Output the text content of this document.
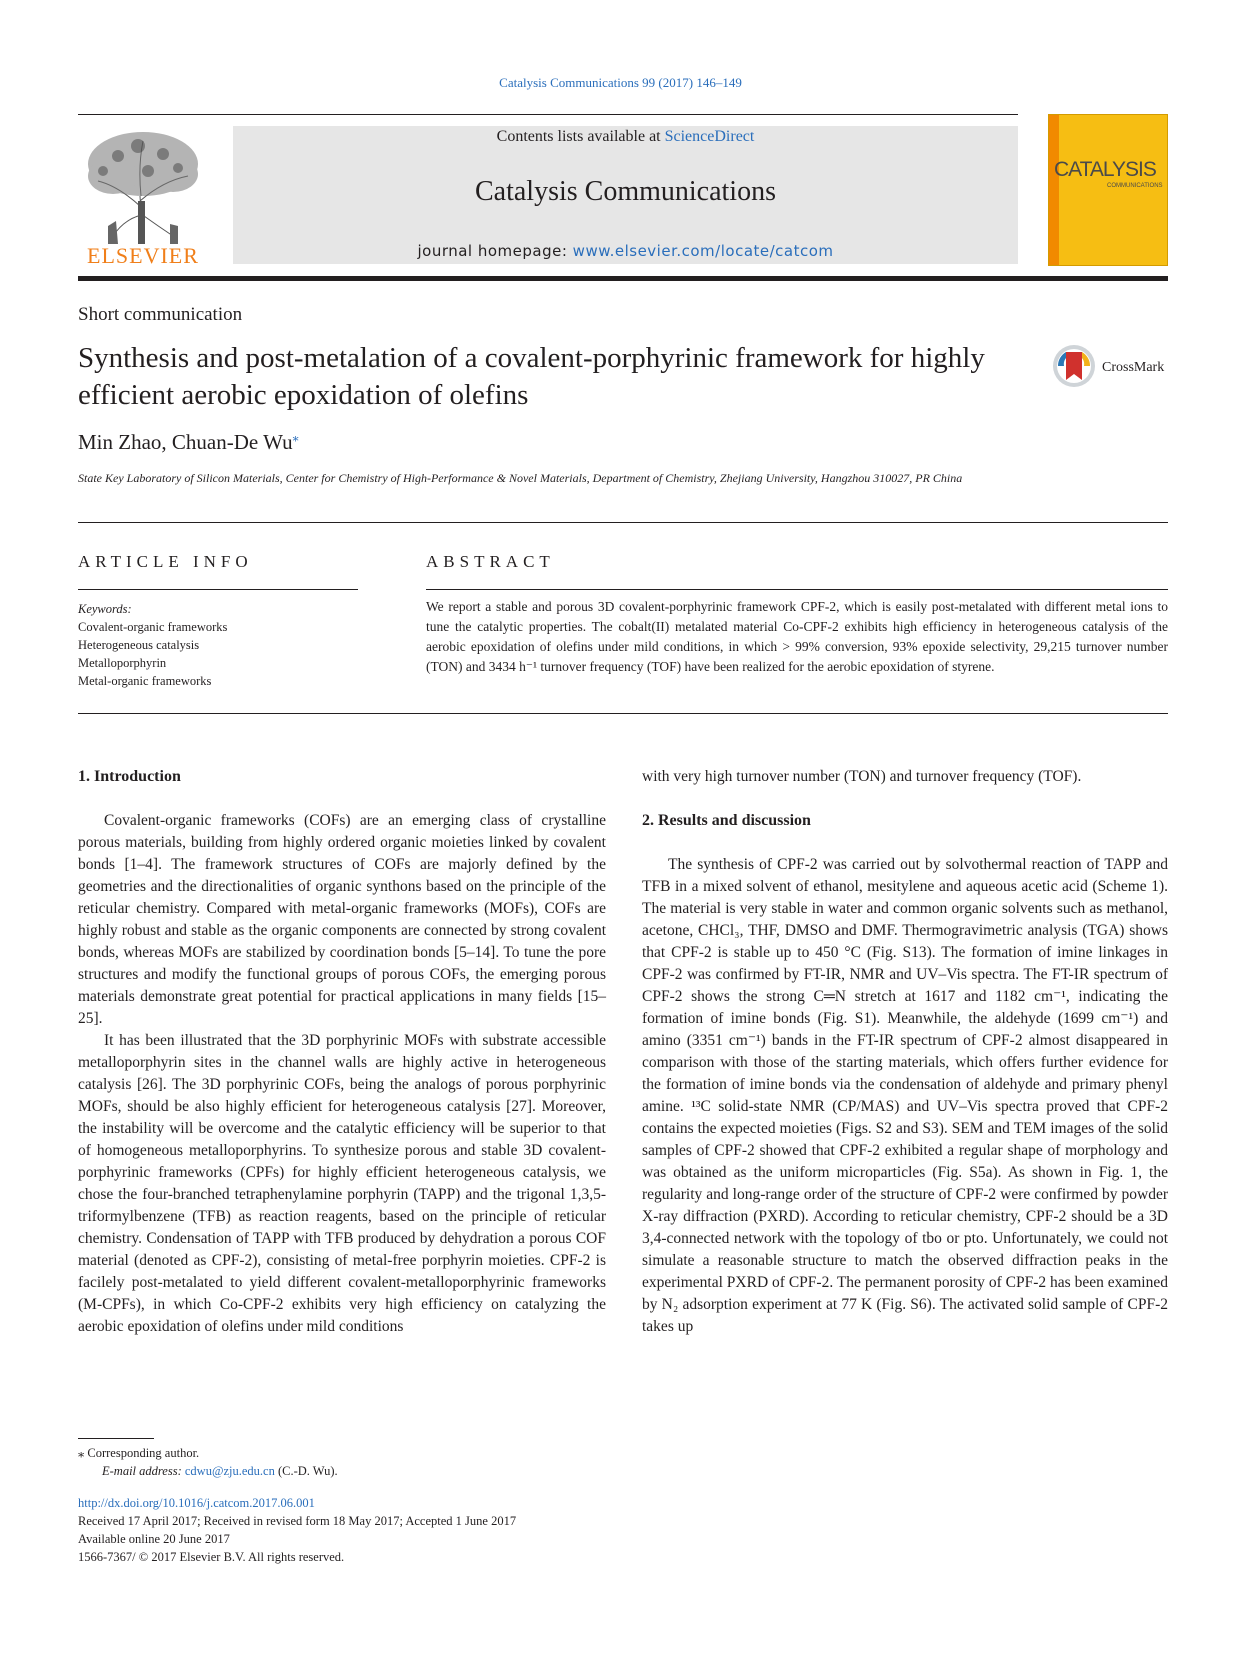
Catalysis Communications 99 (2017) 146–149
ELSEVIER
Contents lists available at ScienceDirect
Catalysis Communications
journal homepage: www.elsevier.com/locate/catcom
CATALYSIS
COMMUNICATIONS
Short communication
Synthesis and post-metalation of a covalent-porphyrinic framework for highly efficient aerobic epoxidation of olefins
CrossMark
Min Zhao, Chuan-De Wu⁎
State Key Laboratory of Silicon Materials, Center for Chemistry of High-Performance & Novel Materials, Department of Chemistry, Zhejiang University, Hangzhou 310027, PR China
ARTICLE INFO	ABSTRACT
Keywords:
Covalent-organic frameworks
Heterogeneous catalysis
Metalloporphyrin
Metal-organic frameworks
We report a stable and porous 3D covalent-porphyrinic framework CPF-2, which is easily post-metalated with different metal ions to tune the catalytic properties. The cobalt(II) metalated material Co-CPF-2 exhibits high efficiency in heterogeneous catalysis of the aerobic epoxidation of olefins under mild conditions, in which > 99% conversion, 93% epoxide selectivity, 29,215 turnover number (TON) and 3434 h⁻¹ turnover frequency (TOF) have been realized for the aerobic epoxidation of styrene.
1. Introduction

Covalent-organic frameworks (COFs) are an emerging class of crystalline porous materials, building from highly ordered organic moieties linked by covalent bonds [1–4]. The framework structures of COFs are majorly defined by the geometries and the directionalities of organic synthons based on the principle of the reticular chemistry. Compared with metal-organic frameworks (MOFs), COFs are highly robust and stable as the organic components are connected by strong covalent bonds, whereas MOFs are stabilized by coordination bonds [5–14]. To tune the pore structures and modify the functional groups of porous COFs, the emerging porous materials demonstrate great potential for practical applications in many fields [15–25].

It has been illustrated that the 3D porphyrinic MOFs with substrate accessible metalloporphyrin sites in the channel walls are highly active in heterogeneous catalysis [26]. The 3D porphyrinic COFs, being the analogs of porous porphyrinic MOFs, should be also highly efficient for heterogeneous catalysis [27]. Moreover, the instability will be overcome and the catalytic efficiency will be superior to that of homogeneous metalloporphyrins. To synthesize porous and stable 3D covalent-porphyrinic frameworks (CPFs) for highly efficient heterogeneous catalysis, we chose the four-branched tetraphenylamine porphyrin (TAPP) and the trigonal 1,3,5-triformylbenzene (TFB) as reaction reagents, based on the principle of reticular chemistry. Condensation of TAPP with TFB produced by dehydration a porous COF material (denoted as CPF-2), consisting of metal-free porphyrin moieties. CPF-2 is facilely post-metalated to yield different covalent-metalloporphyrinic frameworks (M-CPFs), in which Co-CPF-2 exhibits very high efficiency on catalyzing the aerobic epoxidation of olefins under mild conditions

with very high turnover number (TON) and turnover frequency (TOF).
2. Results and discussion

The synthesis of CPF-2 was carried out by solvothermal reaction of TAPP and TFB in a mixed solvent of ethanol, mesitylene and aqueous acetic acid (Scheme 1). The material is very stable in water and common organic solvents such as methanol, acetone, CHCl₃, THF, DMSO and DMF. Thermogravimetric analysis (TGA) shows that CPF-2 is stable up to 450 °C (Fig. S13). The formation of imine linkages in CPF-2 was confirmed by FT-IR, NMR and UV–Vis spectra. The FT-IR spectrum of CPF-2 shows the strong C═N stretch at 1617 and 1182 cm⁻¹, indicating the formation of imine bonds (Fig. S1). Meanwhile, the aldehyde (1699 cm⁻¹) and amino (3351 cm⁻¹) bands in the FT-IR spectrum of CPF-2 almost disappeared in comparison with those of the starting materials, which offers further evidence for the formation of imine bonds via the condensation of aldehyde and primary phenyl amine. ¹³C solid-state NMR (CP/MAS) and UV–Vis spectra proved that CPF-2 contains the expected moieties (Figs. S2 and S3). SEM and TEM images of the solid samples of CPF-2 showed that CPF-2 exhibited a regular shape of morphology and was obtained as the uniform microparticles (Fig. S5a). As shown in Fig. 1, the regularity and long-range order of the structure of CPF-2 were confirmed by powder X-ray diffraction (PXRD). According to reticular chemistry, CPF-2 should be a 3D 3,4-connected network with the topology of tbo or pto. Unfortunately, we could not simulate a reasonable structure to match the observed diffraction peaks in the experimental PXRD of CPF-2. The permanent porosity of CPF-2 has been examined by N₂ adsorption experiment at 77 K (Fig. S6). The activated solid sample of CPF-2 takes up

⁎ Corresponding author.
E-mail address: cdwu@zju.edu.cn (C.-D. Wu).
http://dx.doi.org/10.1016/j.catcom.2017.06.001
Received 17 April 2017; Received in revised form 18 May 2017; Accepted 1 June 2017
Available online 20 June 2017
1566-7367/ © 2017 Elsevier B.V. All rights reserved.
